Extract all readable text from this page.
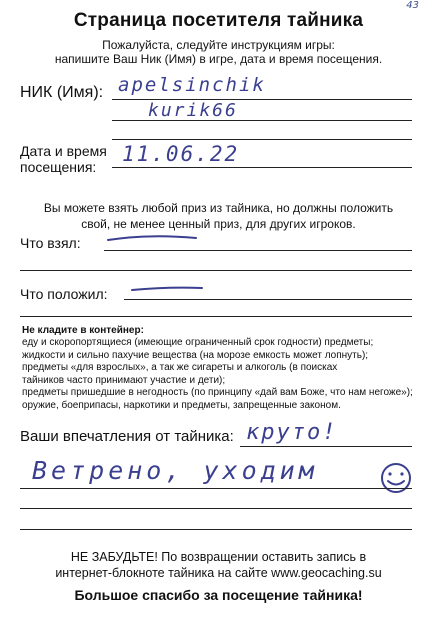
43
Страница посетителя тайника
Пожалуйста, следуйте инструкциям игры:
напишите Ваш Ник (Имя) в игре, дата и время посещения.
НИК (Имя): apelsinchik
kurik66
Дата и время
посещения:
11.06.22
Вы можете взять любой приз из тайника, но должны положить
свой, не менее ценный приз, для других игроков.
Что взял:
Что положил:
Не кладите в контейнер:
еду и скоропортящиеся (имеющие ограниченный срок годности) предметы;
жидкости и сильно пахучие вещества (на морозе емкость может лопнуть);
предметы «для взрослых», а так же сигареты и алкоголь (в поисках
тайников часто принимают участие и дети);
предметы пришедшие в негодность (по принципу «дай вам Боже, что нам негоже»);
оружие, боеприпасы, наркотики и предметы, запрещенные законом.
Ваши впечатления от тайника: круто!
Ветрено, уходим
НЕ ЗАБУДЬТЕ! По возвращении оставить запись в
интернет-блокноте тайника на сайте www.geocaching.su
Большое спасибо за посещение тайника!
